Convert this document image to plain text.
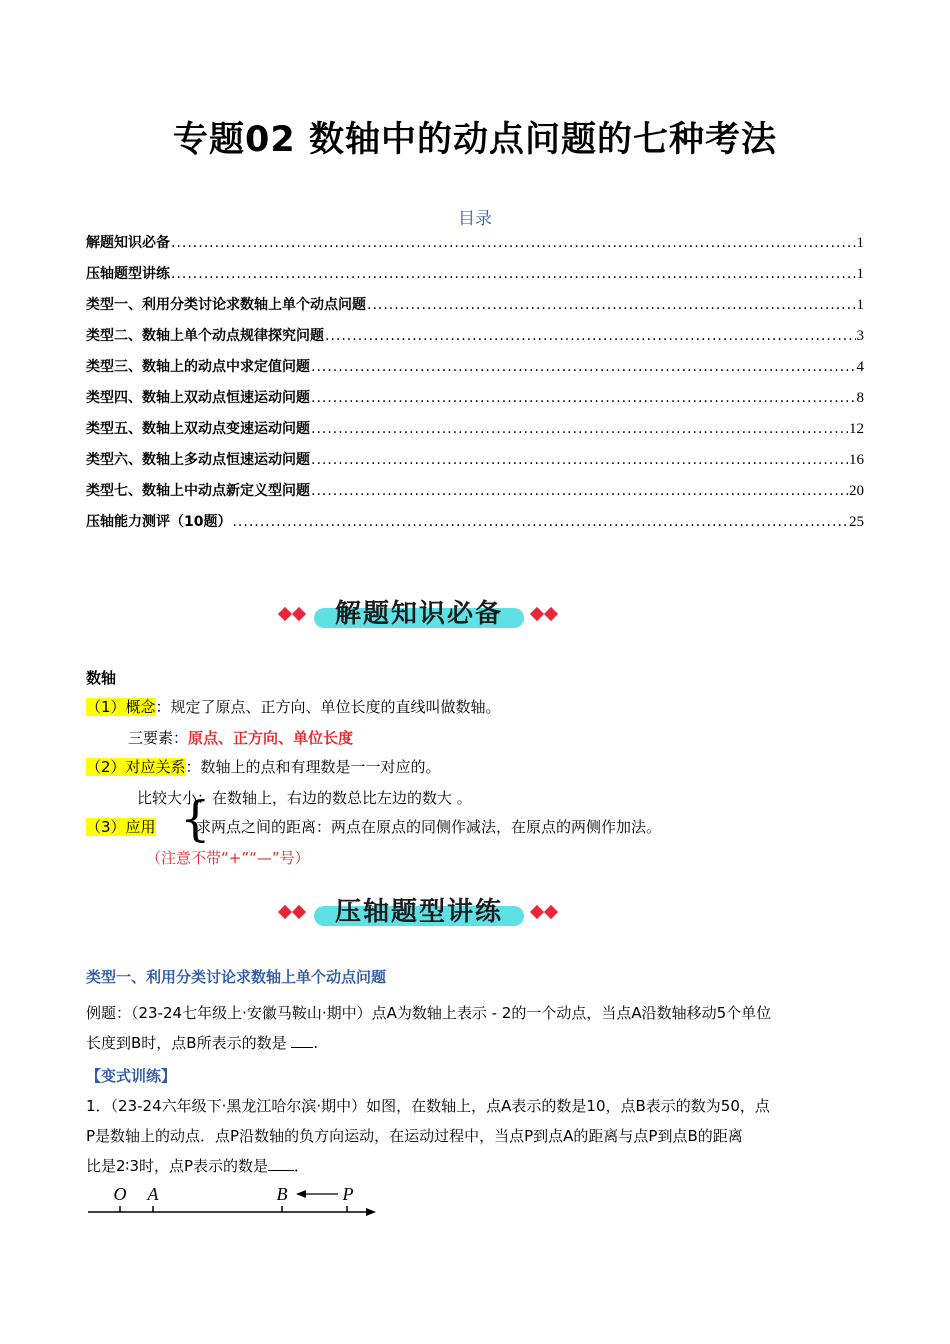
专题02 数轴中的动点问题的七种考法
目录
解题知识必备 .....	1
压轴题型讲练 .....	1
类型一、利用分类讨论求数轴上单个动点问题 .....	1
类型二、数轴上单个动点规律探究问题 .....	3
类型三、数轴上的动点中求定值问题 .....	4
类型四、数轴上双动点恒速运动问题 .....	8
类型五、数轴上双动点变速运动问题 .....	12
类型六、数轴上多动点恒速运动问题 .....	16
类型七、数轴上中动点新定义型问题 .....	20
压轴能力测评（10题） .....	25
解题知识必备
数轴
（1）概念：规定了原点、正方向、单位长度的直线叫做数轴。
三要素：原点、正方向、单位长度
（2）对应关系：数轴上的点和有理数是一一对应的。
比较大小：在数轴上，右边的数总比左边的数大 。
{
（3）应用	求两点之间的距离：两点在原点的同侧作减法，在原点的两侧作加法。
（注意不带“+”“—”号）
压轴题型讲练
类型一、利用分类讨论求数轴上单个动点问题
例题：（23-24七年级上·安徽马鞍山·期中）点A为数轴上表示 - 2的一个动点，当点A沿数轴移动5个单位
长度到B时，点B所表示的数是 .
【变式训练】
1．（23-24六年级下·黑龙江哈尔滨·期中）如图，在数轴上，点A表示的数是10，点B表示的数为50，点
P是数轴上的动点．点P沿数轴的负方向运动，在运动过程中，当点P到点A的距离与点P到点B的距离
比是2∶3时，点P表示的数是 ．
O A	B	P
